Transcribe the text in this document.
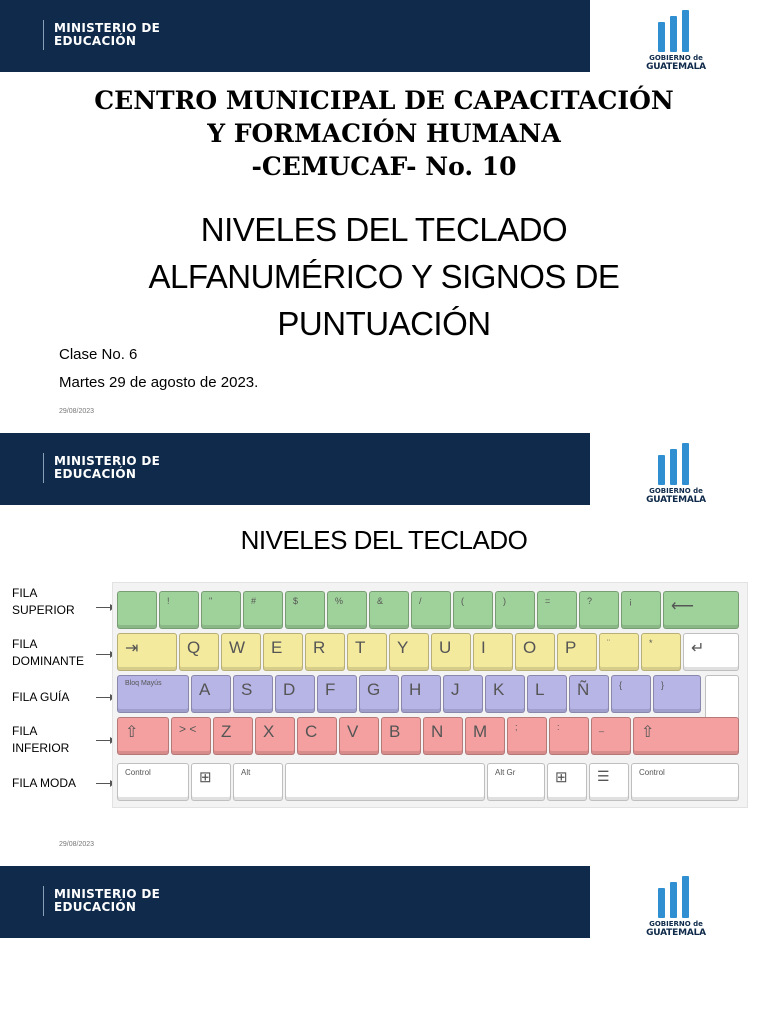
MINISTERIO DE
EDUCACIÓN
GOBIERNO de
GUATEMALA
CENTRO MUNICIPAL DE CAPACITACIÓN
Y FORMACIÓN HUMANA
-CEMUCAF- No. 10
NIVELES DEL TECLADO
ALFANUMÉRICO Y SIGNOS DE
PUNTUACIÓN
Clase No. 6
Martes 29 de agosto de 2023.
29/08/2023
MINISTERIO DE
EDUCACIÓN
GOBIERNO de
GUATEMALA
NIVELES DEL TECLADO
FILA
SUPERIOR
FILA
DOMINANTE
FILA GUÍA
FILA
INFERIOR
FILA MODA
!	"	#	$	%	&	/	(	)	=	?	¡ ⟵
⇥	Q W E R T Y U I O P	¨	* ↵
Bloq Mayús A S D F G H J K L Ñ	{	}
⇧	> < Z X C V B N M	;	:	_ ⇧
Control	⊞	Alt	Alt Gr	⊞ ☰	Control
29/08/2023
MINISTERIO DE
EDUCACIÓN
GOBIERNO de
GUATEMALA
